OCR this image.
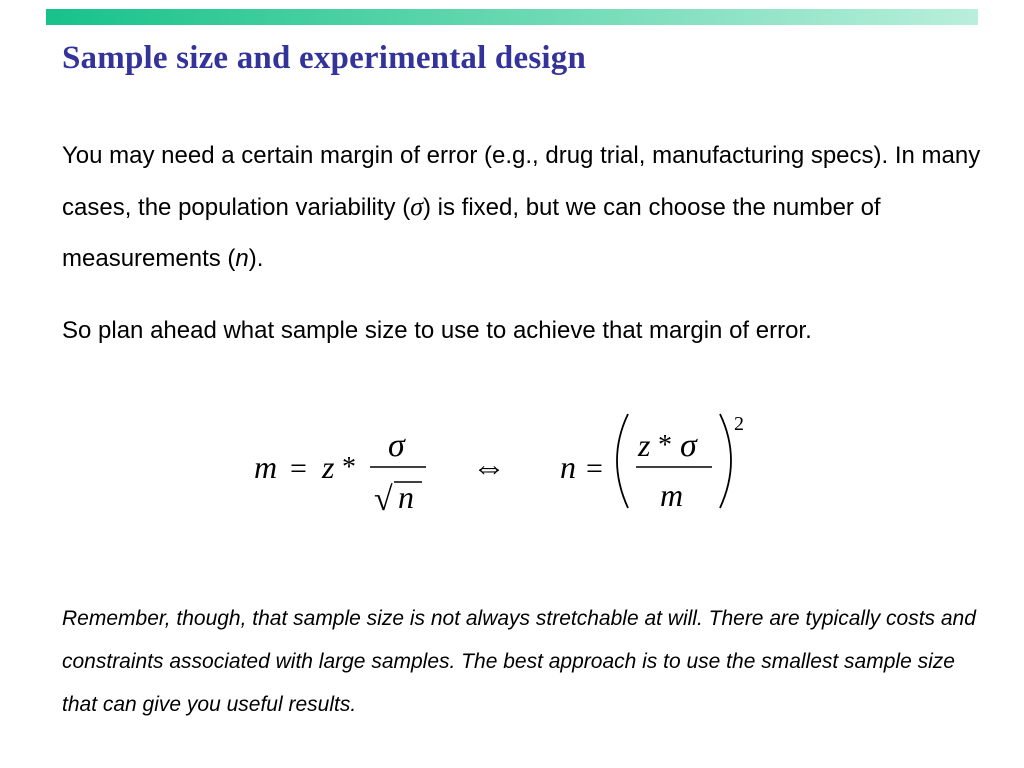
Sample size and experimental design

You may need a certain margin of error (e.g., drug trial, manufacturing specs). In many cases, the population variability (σ) is fixed, but we can choose the number of measurements (n).

So plan ahead what sample size to use to achieve that margin of error.

m = z *
σ
√ n
⇔ n =
z * σ
m
2

Remember, though, that sample size is not always stretchable at will. There are typically costs and constraints associated with large samples. The best approach is to use the smallest sample size that can give you useful results.
